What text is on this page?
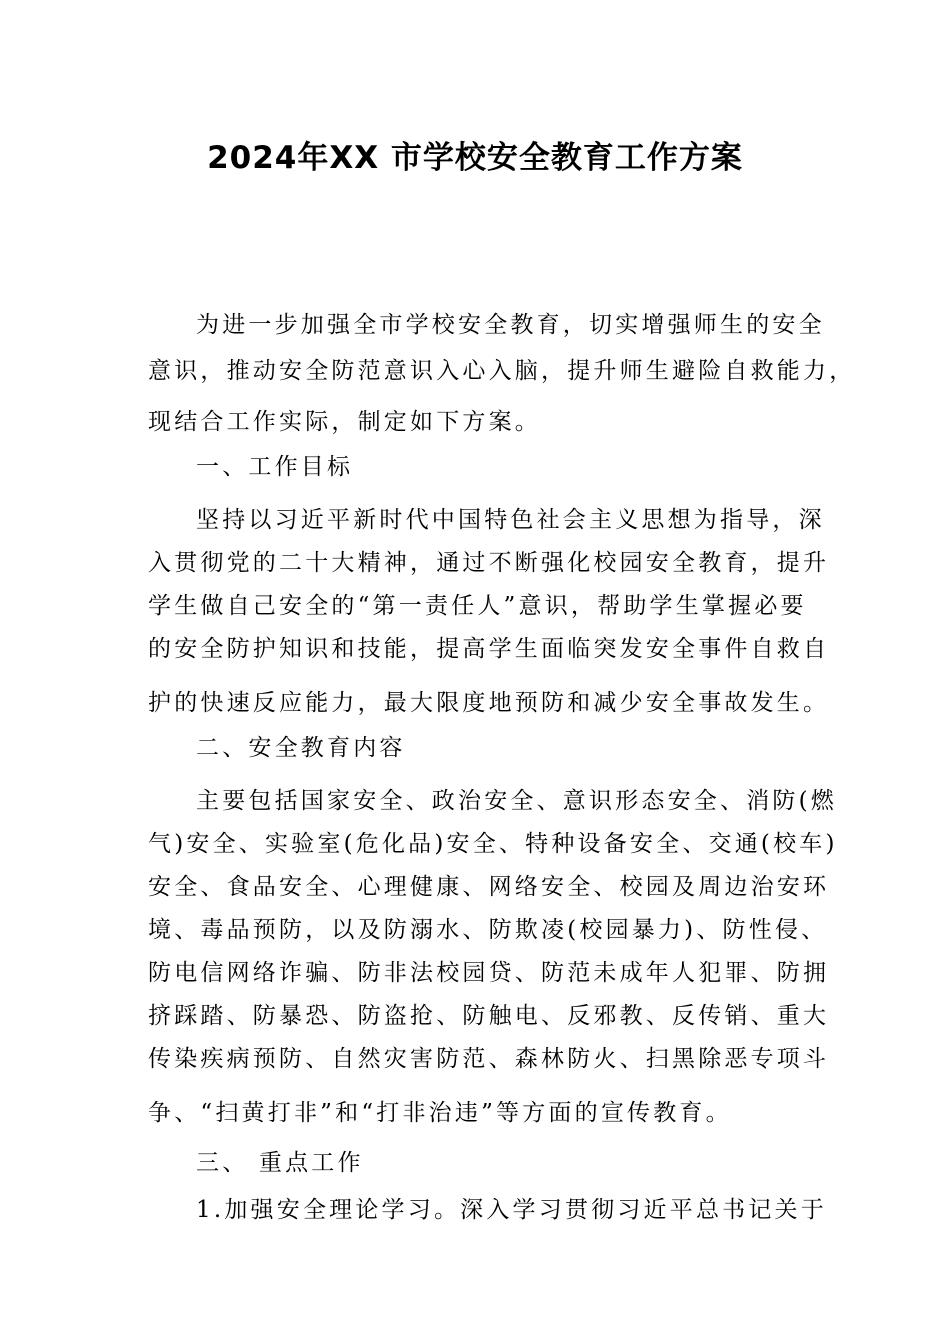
2024年XX 市学校安全教育工作方案
为进一步加强全市学校安全教育，切实增强师生的安全
意识，推动安全防范意识入心入脑，提升师生避险自救能力，
现结合工作实际，制定如下方案。
一、工作目标
坚持以习近平新时代中国特色社会主义思想为指导，深
入贯彻党的二十大精神，通过不断强化校园安全教育，提升
学生做自己安全的“第一责任人”意识，帮助学生掌握必要
的安全防护知识和技能，提高学生面临突发安全事件自救自
护的快速反应能力，最大限度地预防和减少安全事故发生。
二、安全教育内容
主要包括国家安全、政治安全、意识形态安全、消防(燃
气)安全、实验室(危化品)安全、特种设备安全、交通(校车)
安全、食品安全、心理健康、网络安全、校园及周边治安环
境、毒品预防，以及防溺水、防欺凌(校园暴力)、防性侵、
防电信网络诈骗、防非法校园贷、防范未成年人犯罪、防拥
挤踩踏、防暴恐、防盗抢、防触电、反邪教、反传销、重大
传染疾病预防、自然灾害防范、森林防火、扫黑除恶专项斗
争、“扫黄打非”和“打非治违”等方面的宣传教育。
三、 重点工作
1.加强安全理论学习。深入学习贯彻习近平总书记关于
